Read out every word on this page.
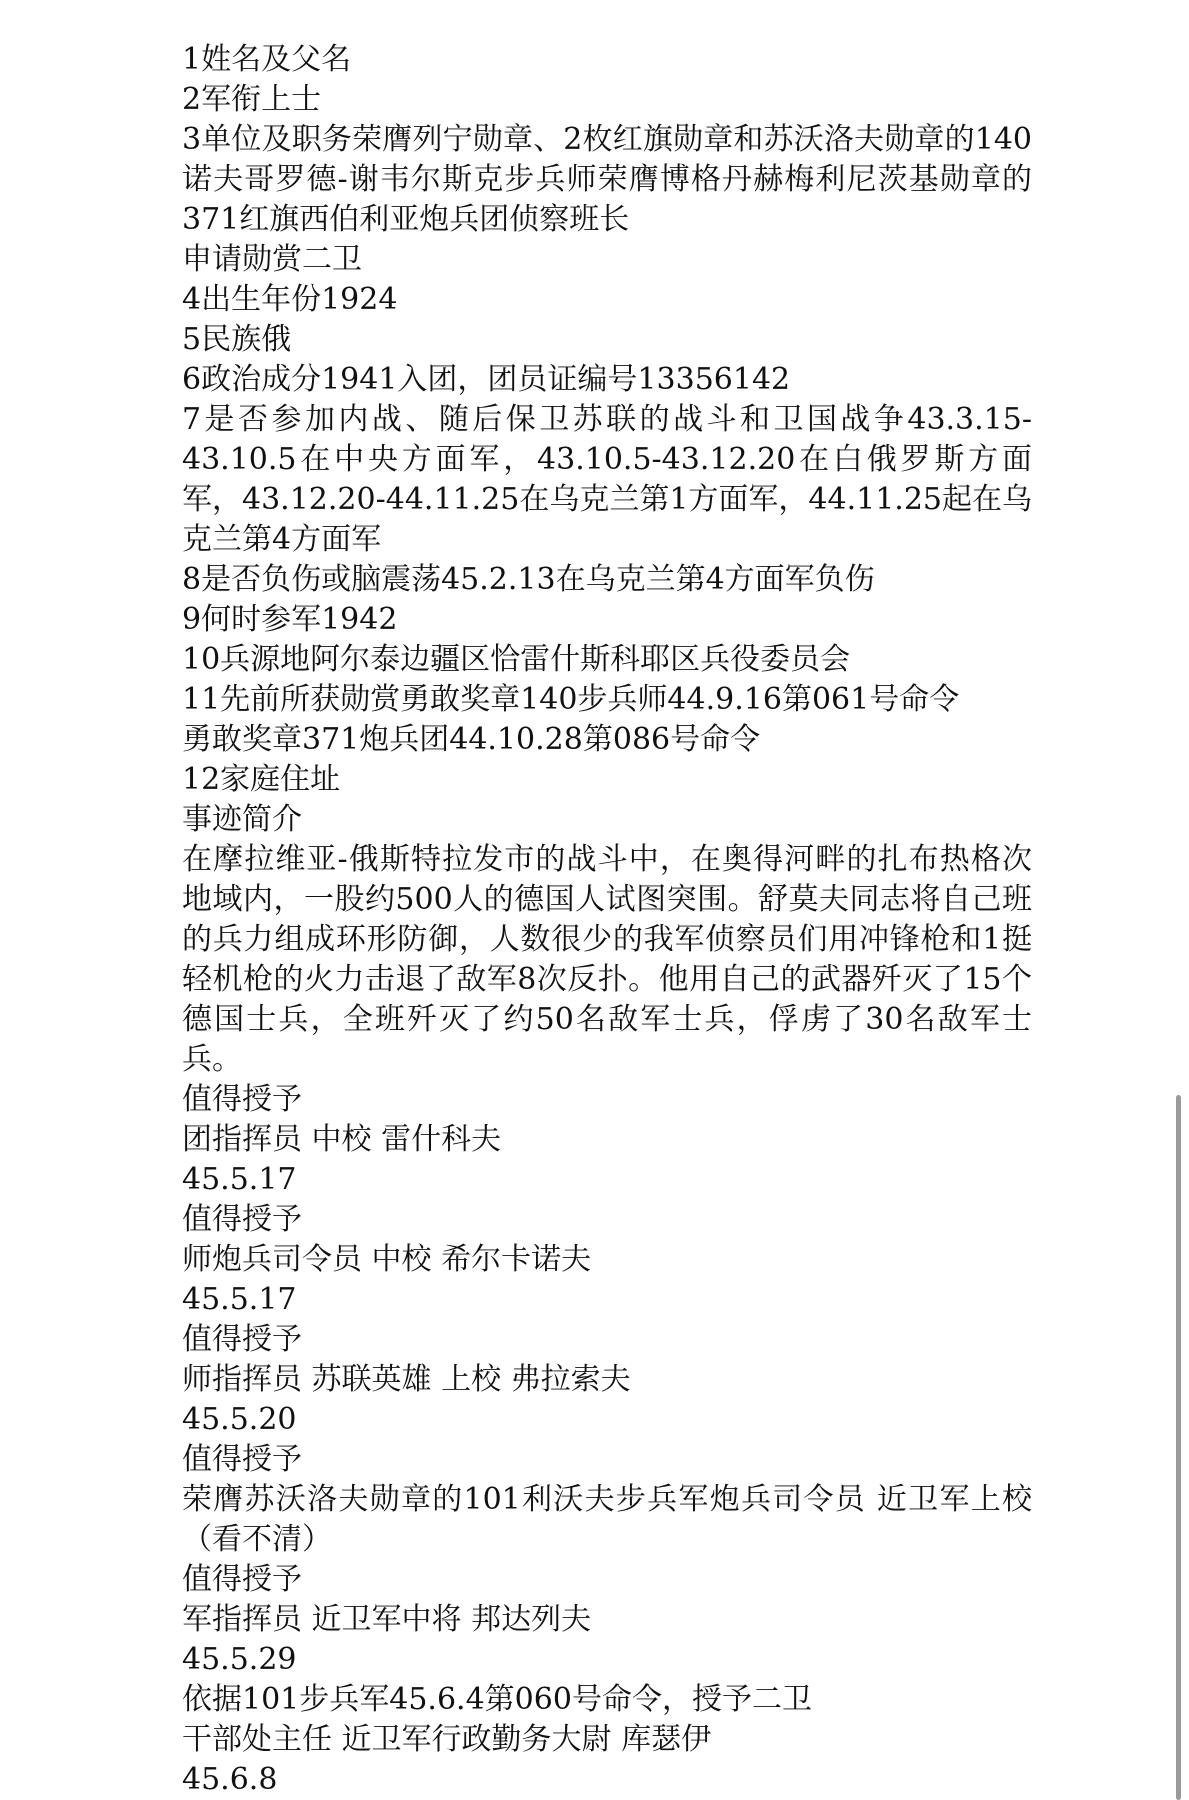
1姓名及父名
2军衔上士
3单位及职务荣膺列宁勋章、2枚红旗勋章和苏沃洛夫勋章的140诺夫哥罗德-谢韦尔斯克步兵师荣膺博格丹赫梅利尼茨基勋章的371红旗西伯利亚炮兵团侦察班长
申请勋赏二卫
4出生年份1924
5民族俄
6政治成分1941入团，团员证编号13356142
7是否参加内战、随后保卫苏联的战斗和卫国战争43.3.15-43.10.5在中央方面军，43.10.5-43.12.20在白俄罗斯方面军，43.12.20-44.11.25在乌克兰第1方面军，44.11.25起在乌克兰第4方面军
8是否负伤或脑震荡45.2.13在乌克兰第4方面军负伤
9何时参军1942
10兵源地阿尔泰边疆区恰雷什斯科耶区兵役委员会
11先前所获勋赏勇敢奖章140步兵师44.9.16第061号命令
勇敢奖章371炮兵团44.10.28第086号命令
12家庭住址
事迹简介
在摩拉维亚-俄斯特拉发市的战斗中，在奥得河畔的扎布热格次地域内，一股约500人的德国人试图突围。舒莫夫同志将自己班的兵力组成环形防御，人数很少的我军侦察员们用冲锋枪和1挺轻机枪的火力击退了敌军8次反扑。他用自己的武器歼灭了15个德国士兵，全班歼灭了约50名敌军士兵，俘虏了30名敌军士兵。
值得授予
团指挥员 中校 雷什科夫
45.5.17
值得授予
师炮兵司令员 中校 希尔卡诺夫
45.5.17
值得授予
师指挥员 苏联英雄 上校 弗拉索夫
45.5.20
值得授予
荣膺苏沃洛夫勋章的101利沃夫步兵军炮兵司令员 近卫军上校（看不清）
值得授予
军指挥员 近卫军中将 邦达列夫
45.5.29
依据101步兵军45.6.4第060号命令，授予二卫
干部处主任 近卫军行政勤务大尉 库瑟伊
45.6.8
